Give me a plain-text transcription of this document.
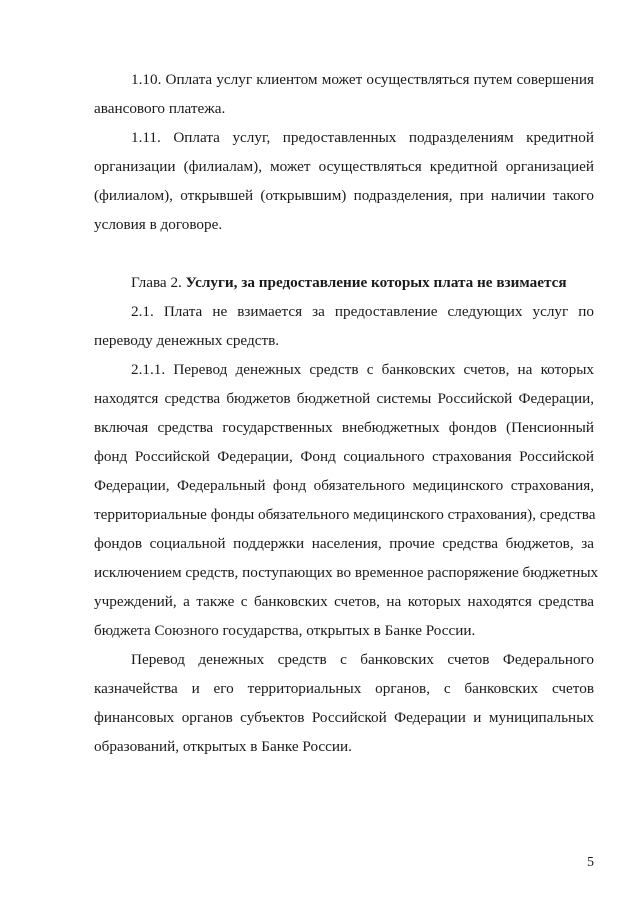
1.10. Оплата услуг клиентом может осуществляться путем совершения
авансового платежа.
1.11. Оплата услуг, предоставленных подразделениям кредитной
организации (филиалам), может осуществляться кредитной организацией
(филиалом), открывшей (открывшим) подразделения, при наличии такого
условия в договоре.
Глава 2. Услуги, за предоставление которых плата не взимается
2.1. Плата не взимается за предоставление следующих услуг по
переводу денежных средств.
2.1.1. Перевод денежных средств с банковских счетов, на которых
находятся средства бюджетов бюджетной системы Российской Федерации,
включая средства государственных внебюджетных фондов (Пенсионный
фонд Российской Федерации, Фонд социального страхования Российской
Федерации, Федеральный фонд обязательного медицинского страхования,
территориальные фонды обязательного медицинского страхования), средства
фондов социальной поддержки населения, прочие средства бюджетов, за
исключением средств, поступающих во временное распоряжение бюджетных
учреждений, а также с банковских счетов, на которых находятся средства
бюджета Союзного государства, открытых в Банке России.
Перевод денежных средств с банковских счетов Федерального
казначейства и его территориальных органов, с банковских счетов
финансовых органов субъектов Российской Федерации и муниципальных
образований, открытых в Банке России.
5
